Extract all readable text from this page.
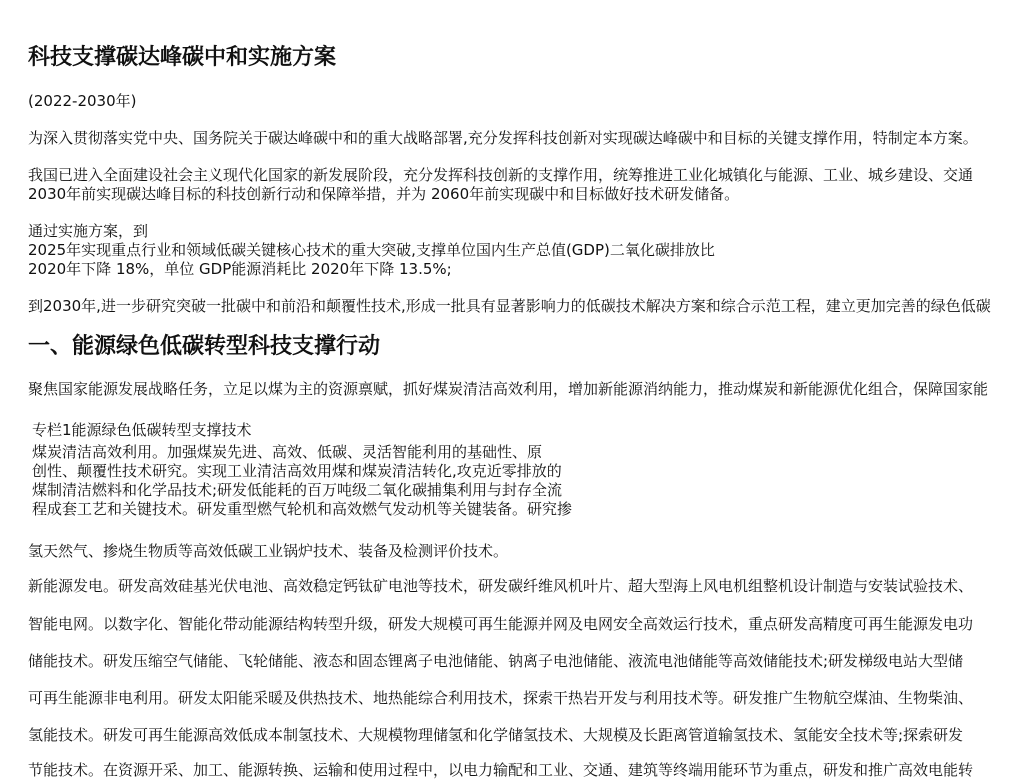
科技支撑碳达峰碳中和实施方案
(2022-2030年)
为深入贯彻落实党中央、国务院关于碳达峰碳中和的重大战略部署,充分发挥科技创新对实现碳达峰碳中和目标的关键支撑作用，特制定本方案。
我国已进入全面建设社会主义现代化国家的新发展阶段，充分发挥科技创新的支撑作用，统筹推进工业化城镇化与能源、工业、城乡建设、交通
2030年前实现碳达峰目标的科技创新行动和保障举措，并为 2060年前实现碳中和目标做好技术研发储备。
通过实施方案，到
2025年实现重点行业和领域低碳关键核心技术的重大突破,支撑单位国内生产总值(GDP)二氧化碳排放比
2020年下降 18%，单位 GDP能源消耗比 2020年下降 13.5%;
到2030年,进一步研究突破一批碳中和前沿和颠覆性技术,形成一批具有显著影响力的低碳技术解决方案和综合示范工程，建立更加完善的绿色低碳
一、能源绿色低碳转型科技支撑行动
聚焦国家能源发展战略任务，立足以煤为主的资源禀赋，抓好煤炭清洁高效利用，增加新能源消纳能力，推动煤炭和新能源优化组合，保障国家能
专栏1能源绿色低碳转型支撑技术
煤炭清洁高效利用。加强煤炭先进、高效、低碳、灵活智能利用的基础性、原
创性、颠覆性技术研究。实现工业清洁高效用煤和煤炭清洁转化,攻克近零排放的
煤制清洁燃料和化学品技术;研发低能耗的百万吨级二氧化碳捕集利用与封存全流
程成套工艺和关键技术。研发重型燃气轮机和高效燃气发动机等关键装备。研究掺
氢天然气、掺烧生物质等高效低碳工业锅炉技术、装备及检测评价技术。
新能源发电。研发高效硅基光伏电池、高效稳定钙钛矿电池等技术，研发碳纤维风机叶片、超大型海上风电机组整机设计制造与安装试验技术、
智能电网。以数字化、智能化带动能源结构转型升级，研发大规模可再生能源并网及电网安全高效运行技术，重点研发高精度可再生能源发电功
储能技术。研发压缩空气储能、飞轮储能、液态和固态锂离子电池储能、钠离子电池储能、液流电池储能等高效储能技术;研发梯级电站大型储
可再生能源非电利用。研发太阳能采暖及供热技术、地热能综合利用技术，探索干热岩开发与利用技术等。研发推广生物航空煤油、生物柴油、
氢能技术。研发可再生能源高效低成本制氢技术、大规模物理储氢和化学储氢技术、大规模及长距离管道输氢技术、氢能安全技术等;探索研发
节能技术。在资源开采、加工、能源转换、运输和使用过程中，以电力输配和工业、交通、建筑等终端用能环节为重点，研发和推广高效电能转
